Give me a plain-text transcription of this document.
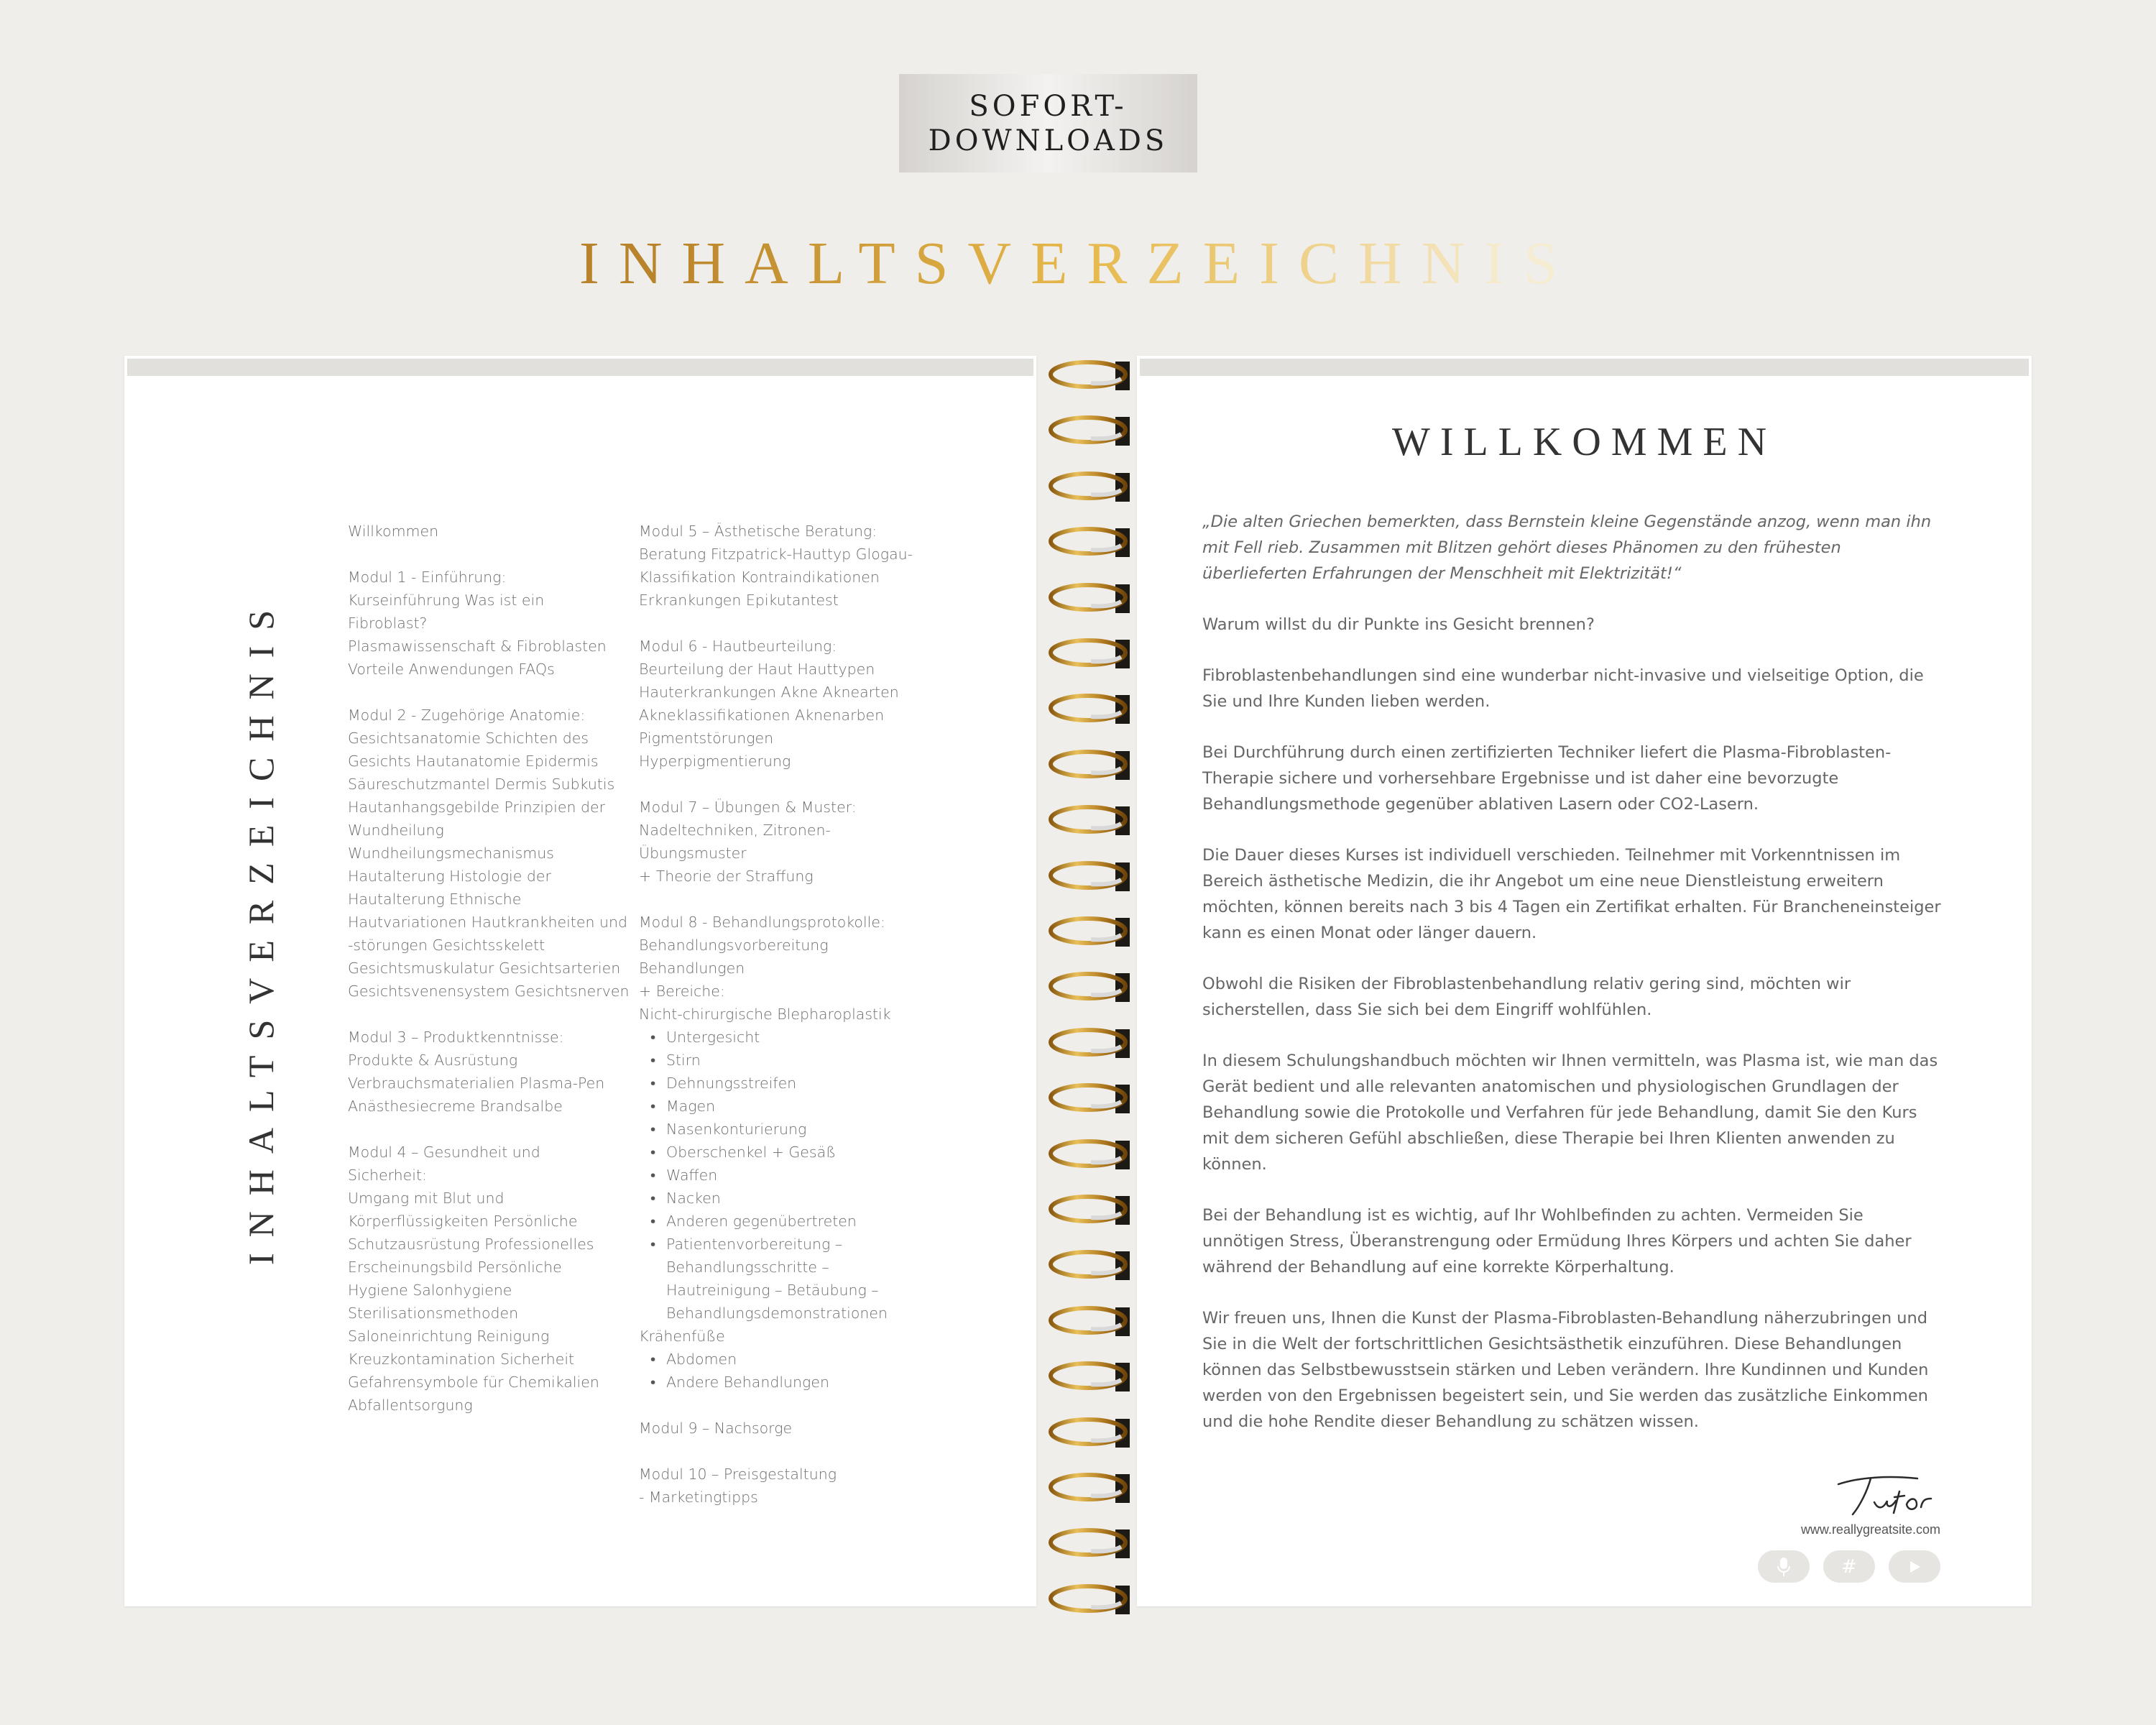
SOFORT-
DOWNLOADS
INHALTSVERZEICHNIS
INHALTSVERZEICHNIS

Willkommen

Modul 1 - Einführung:
Kurseinführung Was ist ein
Fibroblast?
Plasmawissenschaft & Fibroblasten
Vorteile Anwendungen FAQs

Modul 2 - Zugehörige Anatomie:
Gesichtsanatomie Schichten des
Gesichts Hautanatomie Epidermis
Säureschutzmantel Dermis Subkutis
Hautanhangsgebilde Prinzipien der
Wundheilung
Wundheilungsmechanismus
Hautalterung Histologie der
Hautalterung Ethnische
Hautvariationen Hautkrankheiten und
-störungen Gesichtsskelett
Gesichtsmuskulatur Gesichtsarterien
Gesichtsvenensystem Gesichtsnerven

Modul 3 – Produktkenntnisse:
Produkte & Ausrüstung
Verbrauchsmaterialien Plasma-Pen
Anästhesiecreme Brandsalbe

Modul 4 – Gesundheit und
Sicherheit:
Umgang mit Blut und
Körperflüssigkeiten Persönliche
Schutzausrüstung Professionelles
Erscheinungsbild Persönliche
Hygiene Salonhygiene
Sterilisationsmethoden
Saloneinrichtung Reinigung
Kreuzkontamination Sicherheit
Gefahrensymbole für Chemikalien
Abfallentsorgung

Modul 5 – Ästhetische Beratung:
Beratung Fitzpatrick-Hauttyp Glogau-
Klassifikation Kontraindikationen
Erkrankungen Epikutantest
Modul 6 - Hautbeurteilung:
Beurteilung der Haut Hauttypen
Hauterkrankungen Akne Aknearten
Akneklassifikationen Aknenarben
Pigmentstörungen Hyperpigmentierung
Modul 7 – Übungen & Muster:
Nadeltechniken, Zitronen-Übungsmuster
+ Theorie der Straffung
Modul 8 - Behandlungsprotokolle:
Behandlungsvorbereitung Behandlungen
+ Bereiche:
Nicht-chirurgische Blepharoplastik
• Untergesicht
• Stirn
• Dehnungsstreifen
• Magen
• Nasenkonturierung
• Oberschenkel + Gesäß
• Waffen
• Nacken
• Anderen gegenübertreten
• Patientenvorbereitung – Behandlungsschritte – Hautreinigung – Betäubung – Behandlungsdemonstrationen
Krähenfüße
• Abdomen
• Andere Behandlungen
Modul 9 – Nachsorge
Modul 10 – Preisgestaltung
- Marketingtipps
WILLKOMMEN

„Die alten Griechen bemerkten, dass Bernstein kleine Gegenstände anzog, wenn man ihn mit Fell rieb. Zusammen mit Blitzen gehört dieses Phänomen zu den frühesten überlieferten Erfahrungen der Menschheit mit Elektrizität!“

Warum willst du dir Punkte ins Gesicht brennen?

Fibroblastenbehandlungen sind eine wunderbar nicht-invasive und vielseitige Option, die Sie und Ihre Kunden lieben werden.

Bei Durchführung durch einen zertifizierten Techniker liefert die Plasma-Fibroblasten-Therapie sichere und vorhersehbare Ergebnisse und ist daher eine bevorzugte Behandlungsmethode gegenüber ablativen Lasern oder CO2-Lasern.

Die Dauer dieses Kurses ist individuell verschieden. Teilnehmer mit Vorkenntnissen im Bereich ästhetische Medizin, die ihr Angebot um eine neue Dienstleistung erweitern möchten, können bereits nach 3 bis 4 Tagen ein Zertifikat erhalten. Für Brancheneinsteiger kann es einen Monat oder länger dauern.

Obwohl die Risiken der Fibroblastenbehandlung relativ gering sind, möchten wir sicherstellen, dass Sie sich bei dem Eingriff wohlfühlen.

In diesem Schulungshandbuch möchten wir Ihnen vermitteln, was Plasma ist, wie man das Gerät bedient und alle relevanten anatomischen und physiologischen Grundlagen der Behandlung sowie die Protokolle und Verfahren für jede Behandlung, damit Sie den Kurs mit dem sicheren Gefühl abschließen, diese Therapie bei Ihren Klienten anwenden zu können.

Bei der Behandlung ist es wichtig, auf Ihr Wohlbefinden zu achten. Vermeiden Sie unnötigen Stress, Überanstrengung oder Ermüdung Ihres Körpers und achten Sie daher während der Behandlung auf eine korrekte Körperhaltung.

Wir freuen uns, Ihnen die Kunst der Plasma-Fibroblasten-Behandlung näherzubringen und Sie in die Welt der fortschrittlichen Gesichtsästhetik einzuführen. Diese Behandlungen können das Selbstbewusstsein stärken und Leben verändern. Ihre Kundinnen und Kunden werden von den Ergebnissen begeistert sein, und Sie werden das zusätzliche Einkommen und die hohe Rendite dieser Behandlung zu schätzen wissen.

www.reallygreatsite.com
#
